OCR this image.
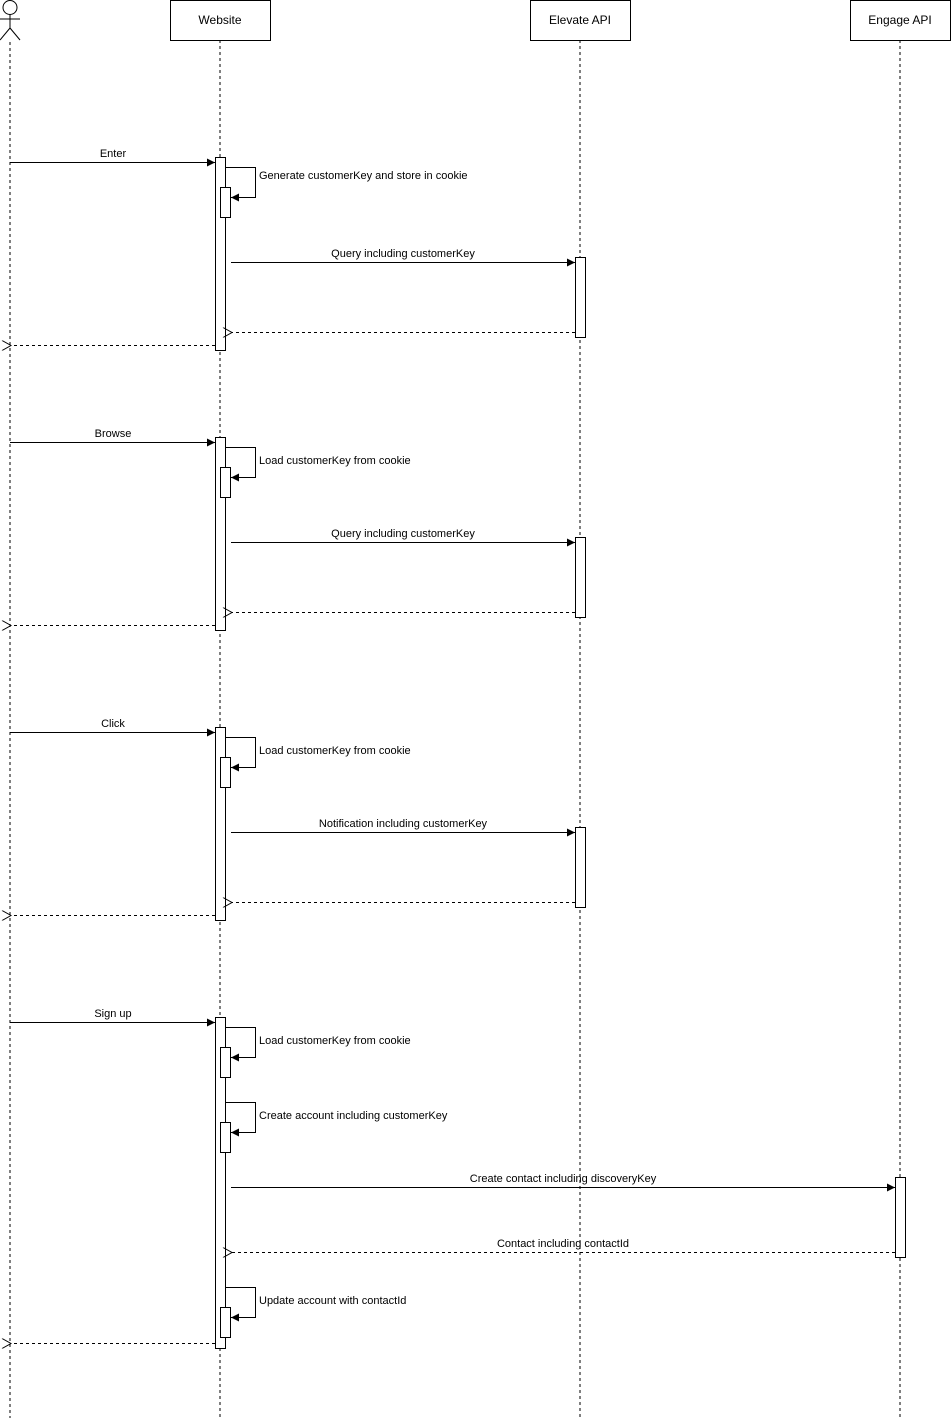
Website	Elevate API	Engage API
Enter
Generate customerKey and store in cookie
Query including customerKey
Browse
Load customerKey from cookie
Query including customerKey
Click
Load customerKey from cookie
Notification including customerKey
Sign up
Load customerKey from cookie
Create account including customerKey
Create contact including discoveryKey
Contact including contactId
Update account with contactId
